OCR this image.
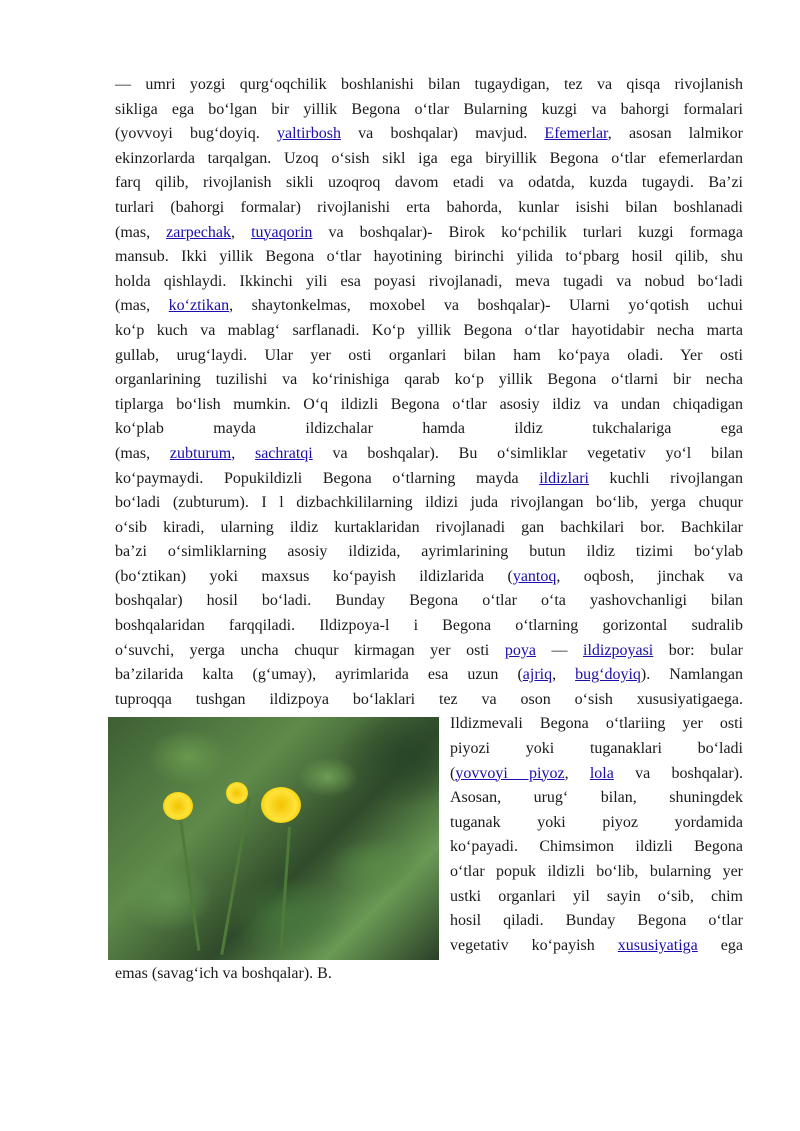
— umri yozgi qurg‘oqchilik boshlanishi bilan tugaydigan, tez va qisqa rivojlanish
sikliga ega bo‘lgan bir yillik Begona o‘tlar Bularning kuzgi va bahorgi formalari
(yovvoyi bug‘doyiq. yaltirbosh va boshqalar) mavjud. Efemerlar, asosan lalmikor
ekinzorlarda tarqalgan. Uzoq o‘sish sikl iga ega biryillik Begona o‘tlar efemerlardan
farq qilib, rivojlanish sikli uzoqroq davom etadi va odatda, kuzda tugaydi. Ba’zi
turlari (bahorgi formalar) rivojlanishi erta bahorda, kunlar isishi bilan boshlanadi
(mas, zarpechak, tuyaqorin va boshqalar)- Birok ko‘pchilik turlari kuzgi formaga
mansub. Ikki yillik Begona o‘tlar hayotining birinchi yilida to‘pbarg hosil qilib, shu
holda qishlaydi. Ikkinchi yili esa poyasi rivojlanadi, meva tugadi va nobud bo‘ladi
(mas, ko‘ztikan, shaytonkelmas, moxobel va boshqalar)- Ularni yo‘qotish uchui
ko‘p kuch va mablag‘ sarflanadi. Ko‘p yillik Begona o‘tlar hayotidabir necha marta
gullab, urug‘laydi. Ular yer osti organlari bilan ham ko‘paya oladi. Yer osti
organlarining tuzilishi va ko‘rinishiga qarab ko‘p yillik Begona o‘tlarni bir necha
tiplarga bo‘lish mumkin. O‘q ildizli Begona o‘tlar asosiy ildiz va undan chiqadigan
ko‘plab mayda ildizchalar hamda ildiz tukchalariga ega
(mas, zubturum, sachratqi va boshqalar). Bu o‘simliklar vegetativ yo‘l bilan
ko‘paymaydi. Popukildizli Begona o‘tlarning mayda ildizlari kuchli rivojlangan
bo‘ladi (zubturum). I l dizbachkililarning ildizi juda rivojlangan bo‘lib, yerga chuqur
o‘sib kiradi, ularning ildiz kurtaklaridan rivojlanadi gan bachkilari bor. Bachkilar
ba’zi o‘simliklarning asosiy ildizida, ayrimlarining butun ildiz tizimi bo‘ylab
(bo‘ztikan) yoki maxsus ko‘payish ildizlarida (yantoq, oqbosh, jinchak va
boshqalar) hosil bo‘ladi. Bunday Begona o‘tlar o‘ta yashovchanligi bilan
boshqalaridan farqqiladi. Ildizpoya-l i Begona o‘tlarning gorizontal sudralib
o‘suvchi, yerga uncha chuqur kirmagan yer osti poya — ildizpoyasi bor: bular
ba’zilarida kalta (g‘umay), ayrimlarida esa uzun (ajriq, bug‘doyiq). Namlangan
tuproqqa tushgan ildizpoya bo‘laklari tez va oson o‘sish xususiyatigaega.
Ildizmevali Begona o‘tlariing yer osti
piyozi yoki tuganaklari bo‘ladi
(yovvoyi piyoz, lola va boshqalar).
Asosan, urug‘ bilan, shuningdek
tuganak yoki piyoz yordamida
ko‘payadi. Chimsimon ildizli Begona
o‘tlar popuk ildizli bo‘lib, bularning yer
ustki organlari yil sayin o‘sib, chim
hosil qiladi. Bunday Begona o‘tlar
vegetativ ko‘payish xususiyatiga ega
emas (savag‘ich va boshqalar). B.
